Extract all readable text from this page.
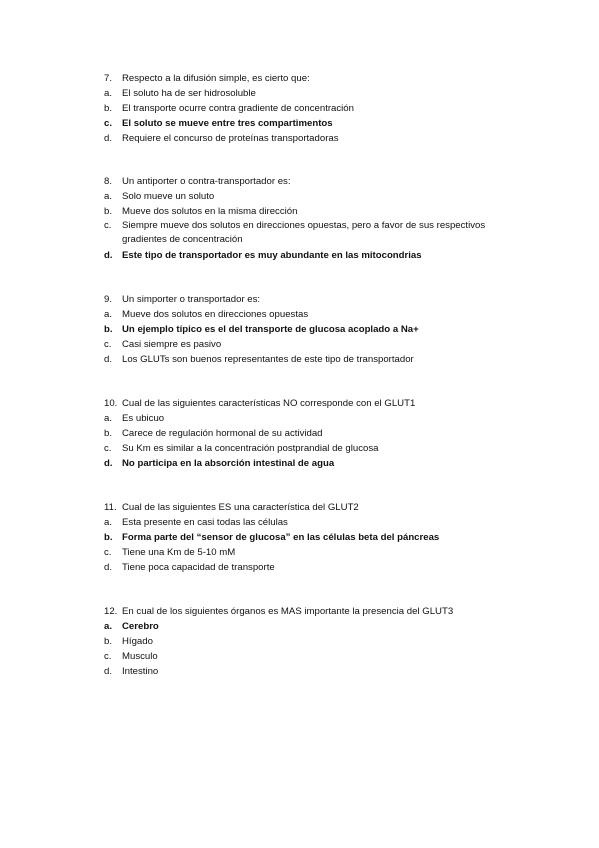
7. Respecto a la difusión simple, es cierto que:
a. El soluto ha de ser hidrosoluble
b. El transporte ocurre contra gradiente de concentración
c. El soluto se mueve entre tres compartimentos
d. Requiere el concurso de proteínas transportadoras
8. Un antiporter o contra-transportador es:
a. Solo mueve un soluto
b. Mueve dos solutos en la misma dirección
c. Siempre mueve dos solutos en direcciones opuestas, pero a favor de sus respectivos gradientes de concentración
d. Este tipo de transportador es muy abundante en las mitocondrias
9. Un simporter o transportador es:
a. Mueve dos solutos en direcciones opuestas
b. Un ejemplo típico es el del transporte de glucosa acoplado a Na+
c. Casi siempre es pasivo
d. Los GLUTs son buenos representantes de este tipo de transportador
10. Cual de las siguientes características NO corresponde con el GLUT1
a. Es ubicuo
b. Carece de regulación hormonal de su actividad
c. Su Km es similar a la concentración postprandial de glucosa
d. No participa en la absorción intestinal de agua
11. Cual de las siguientes ES una característica del GLUT2
a. Esta presente en casi todas las células
b. Forma parte del “sensor de glucosa” en las células beta del páncreas
c. Tiene una Km de 5-10 mM
d. Tiene poca capacidad de transporte
12. En cual de los siguientes órganos es MAS importante la presencia del GLUT3
a. Cerebro
b. Hígado
c. Musculo
d. Intestino
